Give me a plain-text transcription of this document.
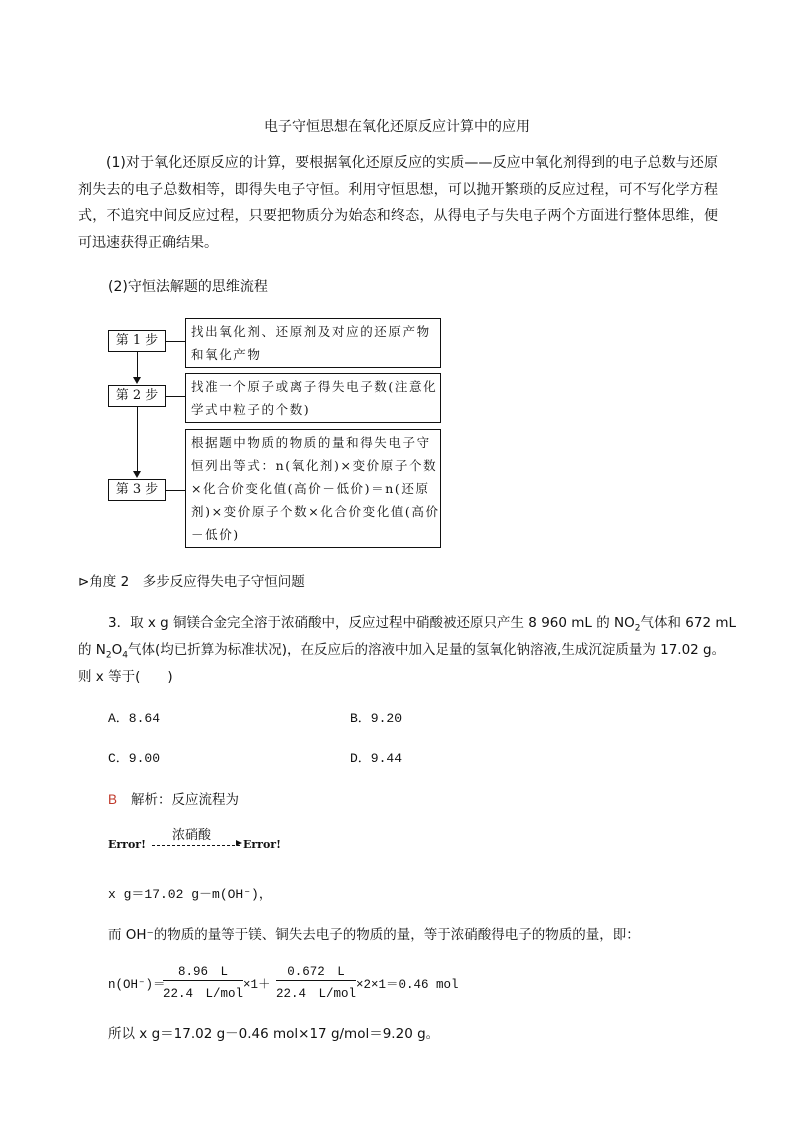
电子守恒思想在氧化还原反应计算中的应用
(1)对于氧化还原反应的计算，要根据氧化还原反应的实质——反应中氧化剂得到的电子总数与还原剂失去的电子总数相等，即得失电子守恒。利用守恒思想，可以抛开繁琐的反应过程，可不写化学方程式，不追究中间反应过程，只要把物质分为始态和终态，从得电子与失电子两个方面进行整体思维，便可迅速获得正确结果。
(2)守恒法解题的思维流程
第 1 步
找出氧化剂、还原剂及对应的还原产物和氧化产物
第 2 步
找准一个原子或离子得失电子数(注意化学式中粒子的个数)
第 3 步
根据题中物质的物质的量和得失电子守恒列出等式：n(氧化剂)×变价原子个数×化合价变化值(高价－低价)＝n(还原剂)×变价原子个数×化合价变化值(高价－低价)
⊳角度 2　多步反应得失电子守恒问题
3．取 x g 铜镁合金完全溶于浓硝酸中，反应过程中硝酸被还原只产生 8 960 mL 的 $NO_2$气体和 672 mL
的 $N_2O_4$气体(均已折算为标准状况)，在反应后的溶液中加入足量的氢氧化钠溶液,生成沉淀质量为 17.02 g。
则 x 等于(　　)
A．8.64	B．9.20
C．9.00	D．9.44
B 解析：反应流程为
Error!
浓硝酸
Error!
x g＝17.02 g－m(OH⁻)，
而 OH⁻的物质的量等于镁、铜失去电子的物质的量，等于浓硝酸得电子的物质的量，即：
n(OH⁻)＝
8.96　L
22.4　L/mol
×1＋
0.672　L
22.4　L/mol
×2×1＝0.46 mol
所以 x g＝17.02 g－0.46 mol×17 g/mol＝9.20 g。
